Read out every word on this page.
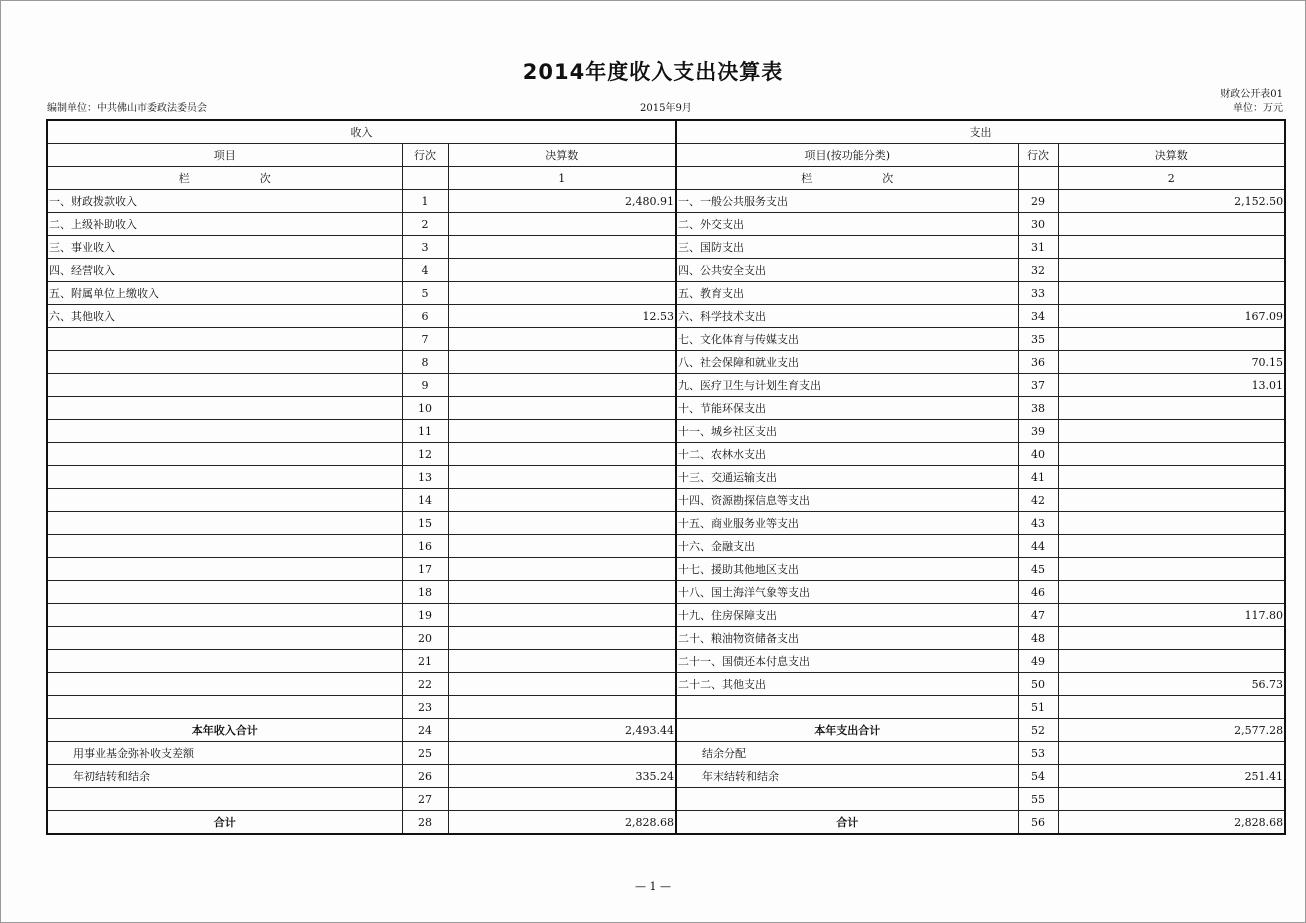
2014年度收入支出决算表
编制单位：中共佛山市委政法委员会	2015年9月
财政公开表01
单位：万元
收入			支出		
项目	行次	决算数	项目(按功能分类)	行次	决算数
栏 次		1	栏 次		2
一、财政拨款收入	1	2,480.91	一、一般公共服务支出	29	2,152.50
二、上级补助收入	2		二、外交支出	30	
三、事业收入	3		三、国防支出	31	
四、经营收入	4		四、公共安全支出	32	
五、附属单位上缴收入	5		五、教育支出	33	
六、其他收入	6	12.53	六、科学技术支出	34	167.09
	7		七、文化体育与传媒支出	35	
	8		八、社会保障和就业支出	36	70.15
	9		九、医疗卫生与计划生育支出	37	13.01
	10		十、节能环保支出	38	
	11		十一、城乡社区支出	39	
	12		十二、农林水支出	40	
	13		十三、交通运输支出	41	
	14		十四、资源勘探信息等支出	42	
	15		十五、商业服务业等支出	43	
	16		十六、金融支出	44	
	17		十七、援助其他地区支出	45	
	18		十八、国土海洋气象等支出	46	
	19		十九、住房保障支出	47	117.80
	20		二十、粮油物资储备支出	48	
	21		二十一、国债还本付息支出	49	
	22		二十二、其他支出	50	56.73
	23			51	
本年收入合计	24	2,493.44	本年支出合计	52	2,577.28
用事业基金弥补收支差额	25		结余分配	53	
年初结转和结余	26	335.24	年末结转和结余	54	251.41
	27			55	
合计	28	2,828.68	合计	56	2,828.68
— 1 —
